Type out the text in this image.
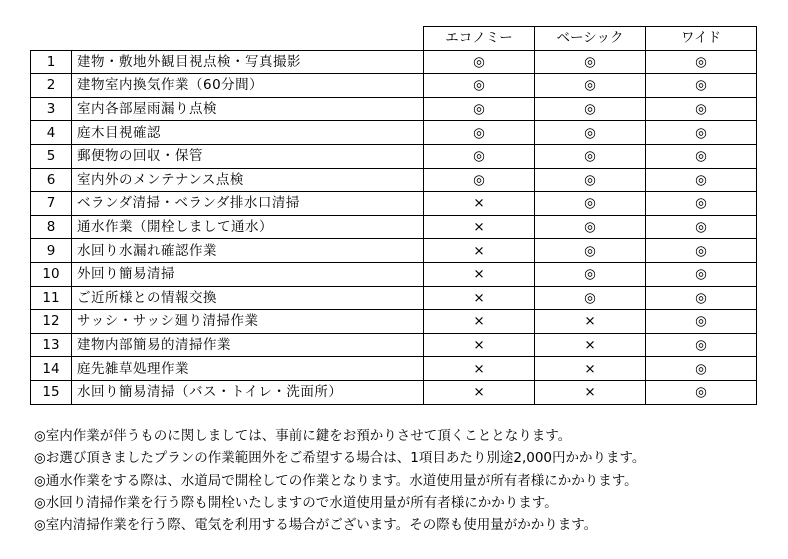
		エコノミー	ベーシック	ワイド
1	建物・敷地外観目視点検・写真撮影	◎	◎	◎
2	建物室内換気作業（60分間）	◎	◎	◎
3	室内各部屋雨漏り点検	◎	◎	◎
4	庭木目視確認	◎	◎	◎
5	郵便物の回収・保管	◎	◎	◎
6	室内外のメンテナンス点検	◎	◎	◎
7	ベランダ清掃・ベランダ排水口清掃	×	◎	◎
8	通水作業（開栓しまして通水）	×	◎	◎
9	水回り水漏れ確認作業	×	◎	◎
10	外回り簡易清掃	×	◎	◎
11	ご近所様との情報交換	×	◎	◎
12	サッシ・サッシ廻り清掃作業	×	×	◎
13	建物内部簡易的清掃作業	×	×	◎
14	庭先雑草処理作業	×	×	◎
15	水回り簡易清掃（バス・トイレ・洗面所）	×	×	◎
◎室内作業が伴うものに関しましては、事前に鍵をお預かりさせて頂くこととなります。
◎お選び頂きましたプランの作業範囲外をご希望する場合は、1項目あたり別途2,000円かかります。
◎通水作業をする際は、水道局で開栓しての作業となります。水道使用量が所有者様にかかります。
◎水回り清掃作業を行う際も開栓いたしますので水道使用量が所有者様にかかります。
◎室内清掃作業を行う際、電気を利用する場合がございます。その際も使用量がかかります。
